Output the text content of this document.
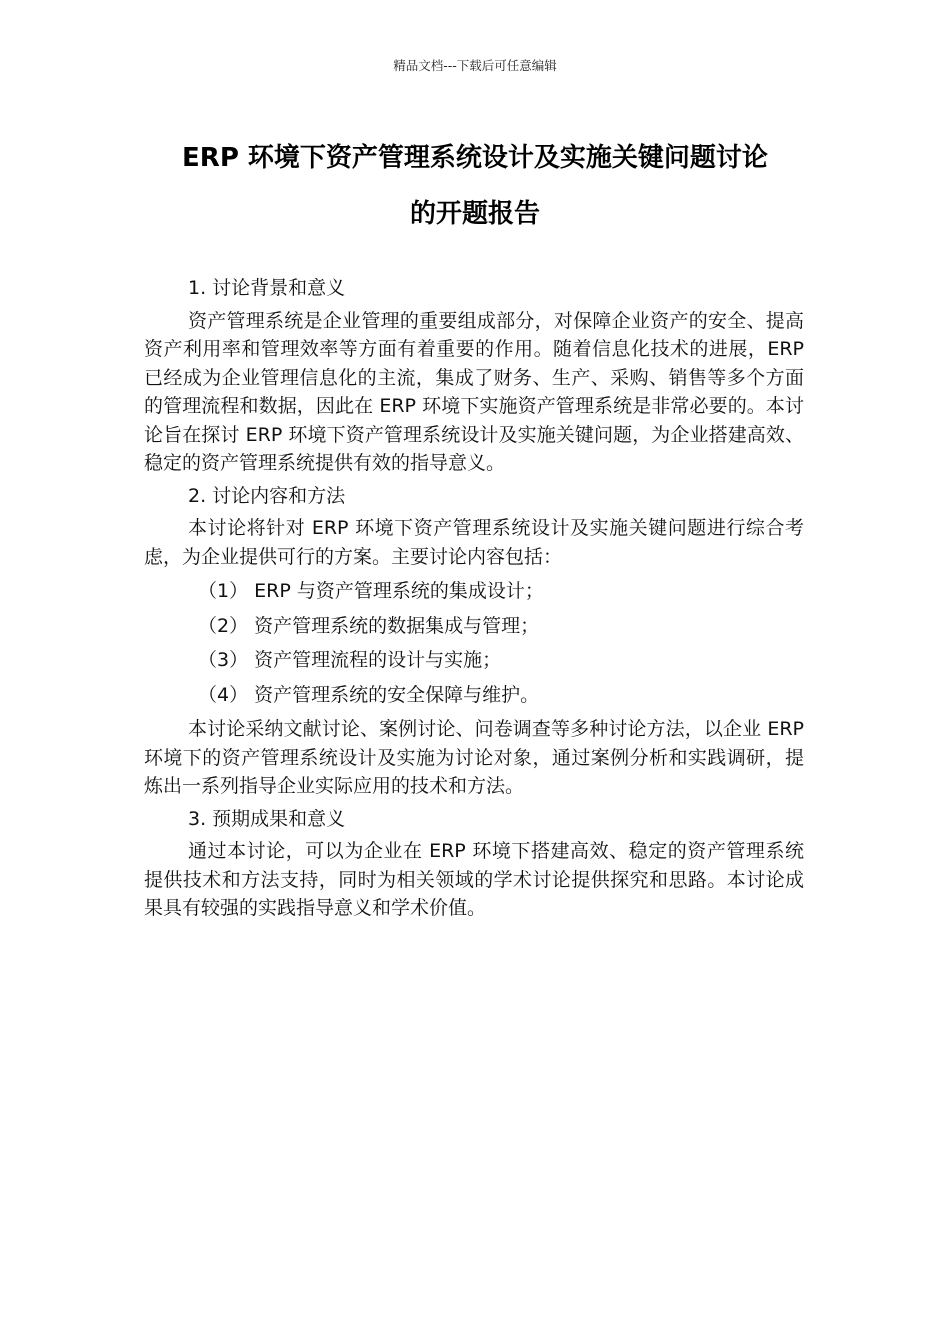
精品文档---下载后可任意编辑
ERP 环境下资产管理系统设计及实施关键问题讨论
的开题报告

1. 讨论背景和意义

资产管理系统是企业管理的重要组成部分，对保障企业资产的安全、提高资产利用率和管理效率等方面有着重要的作用。随着信息化技术的进展，ERP 已经成为企业管理信息化的主流，集成了财务、生产、采购、销售等多个方面的管理流程和数据，因此在 ERP 环境下实施资产管理系统是非常必要的。本讨论旨在探讨 ERP 环境下资产管理系统设计及实施关键问题，为企业搭建高效、稳定的资产管理系统提供有效的指导意义。

2. 讨论内容和方法

本讨论将针对 ERP 环境下资产管理系统设计及实施关键问题进行综合考虑，为企业提供可行的方案。主要讨论内容包括：

（1） ERP 与资产管理系统的集成设计；

（2） 资产管理系统的数据集成与管理；

（3） 资产管理流程的设计与实施；

（4） 资产管理系统的安全保障与维护。

本讨论采纳文献讨论、案例讨论、问卷调查等多种讨论方法，以企业 ERP 环境下的资产管理系统设计及实施为讨论对象，通过案例分析和实践调研，提炼出一系列指导企业实际应用的技术和方法。

3. 预期成果和意义

通过本讨论，可以为企业在 ERP 环境下搭建高效、稳定的资产管理系统提供技术和方法支持，同时为相关领域的学术讨论提供探究和思路。本讨论成果具有较强的实践指导意义和学术价值。
